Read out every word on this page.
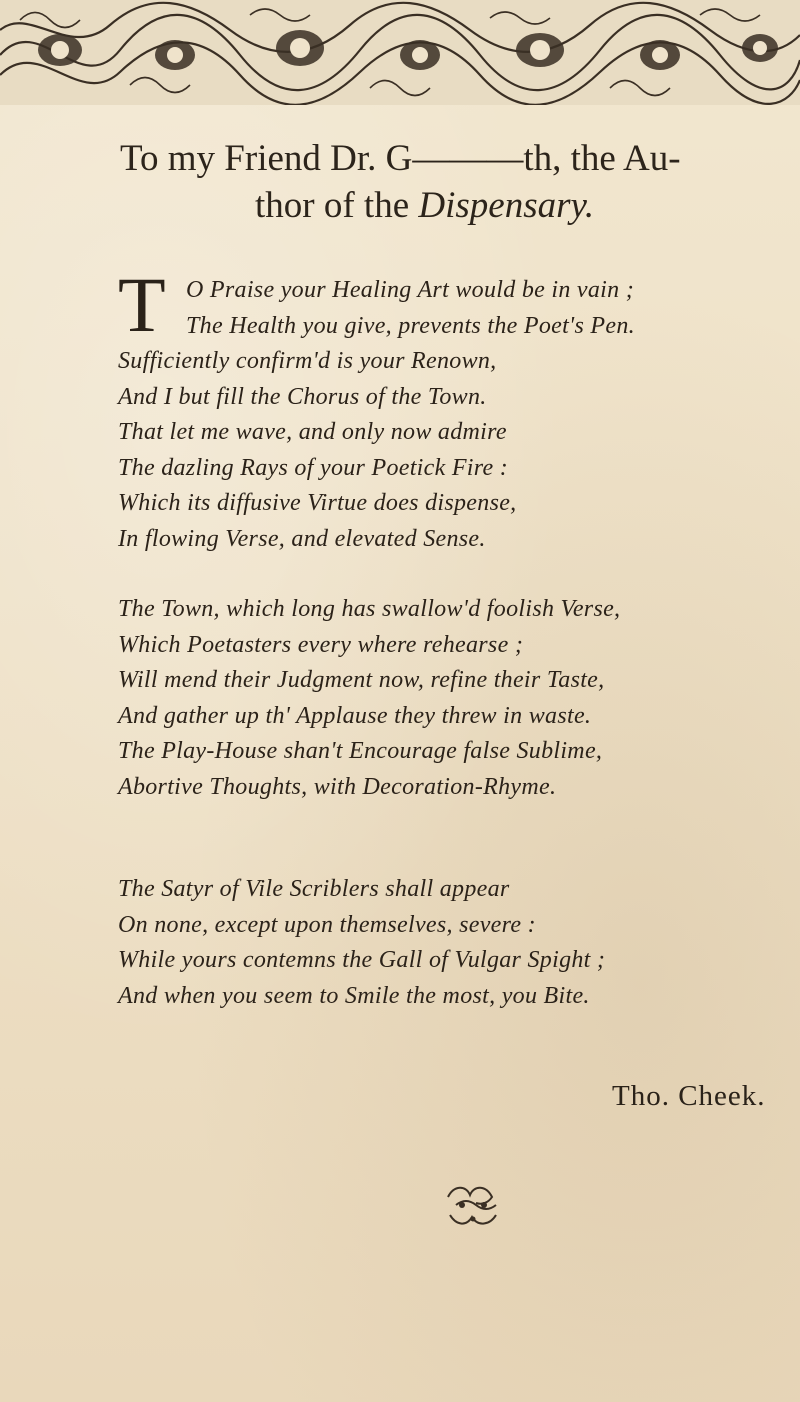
To my Friend Dr. G———th, the Au-
thor of the Dispensary.
T O Praise your Healing Art would be in vain ;
The Health you give, prevents the Poet's Pen.
Sufficiently confirm'd is your Renown,
And I but fill the Chorus of the Town.
That let me wave, and only now admire
The dazling Rays of your Poetick Fire :
Which its diffusive Virtue does dispense,
In flowing Verse, and elevated Sense.
The Town, which long has swallow'd foolish Verse,
Which Poetasters every where rehearse ;
Will mend their Judgment now, refine their Taste,
And gather up th' Applause they threw in waste.
The Play-House shan't Encourage false Sublime,
Abortive Thoughts, with Decoration-Rhyme.
The Satyr of Vile Scriblers shall appear
On none, except upon themselves, severe :
While yours contemns the Gall of Vulgar Spight ;
And when you seem to Smile the most, you Bite.
Tho. Cheek.
